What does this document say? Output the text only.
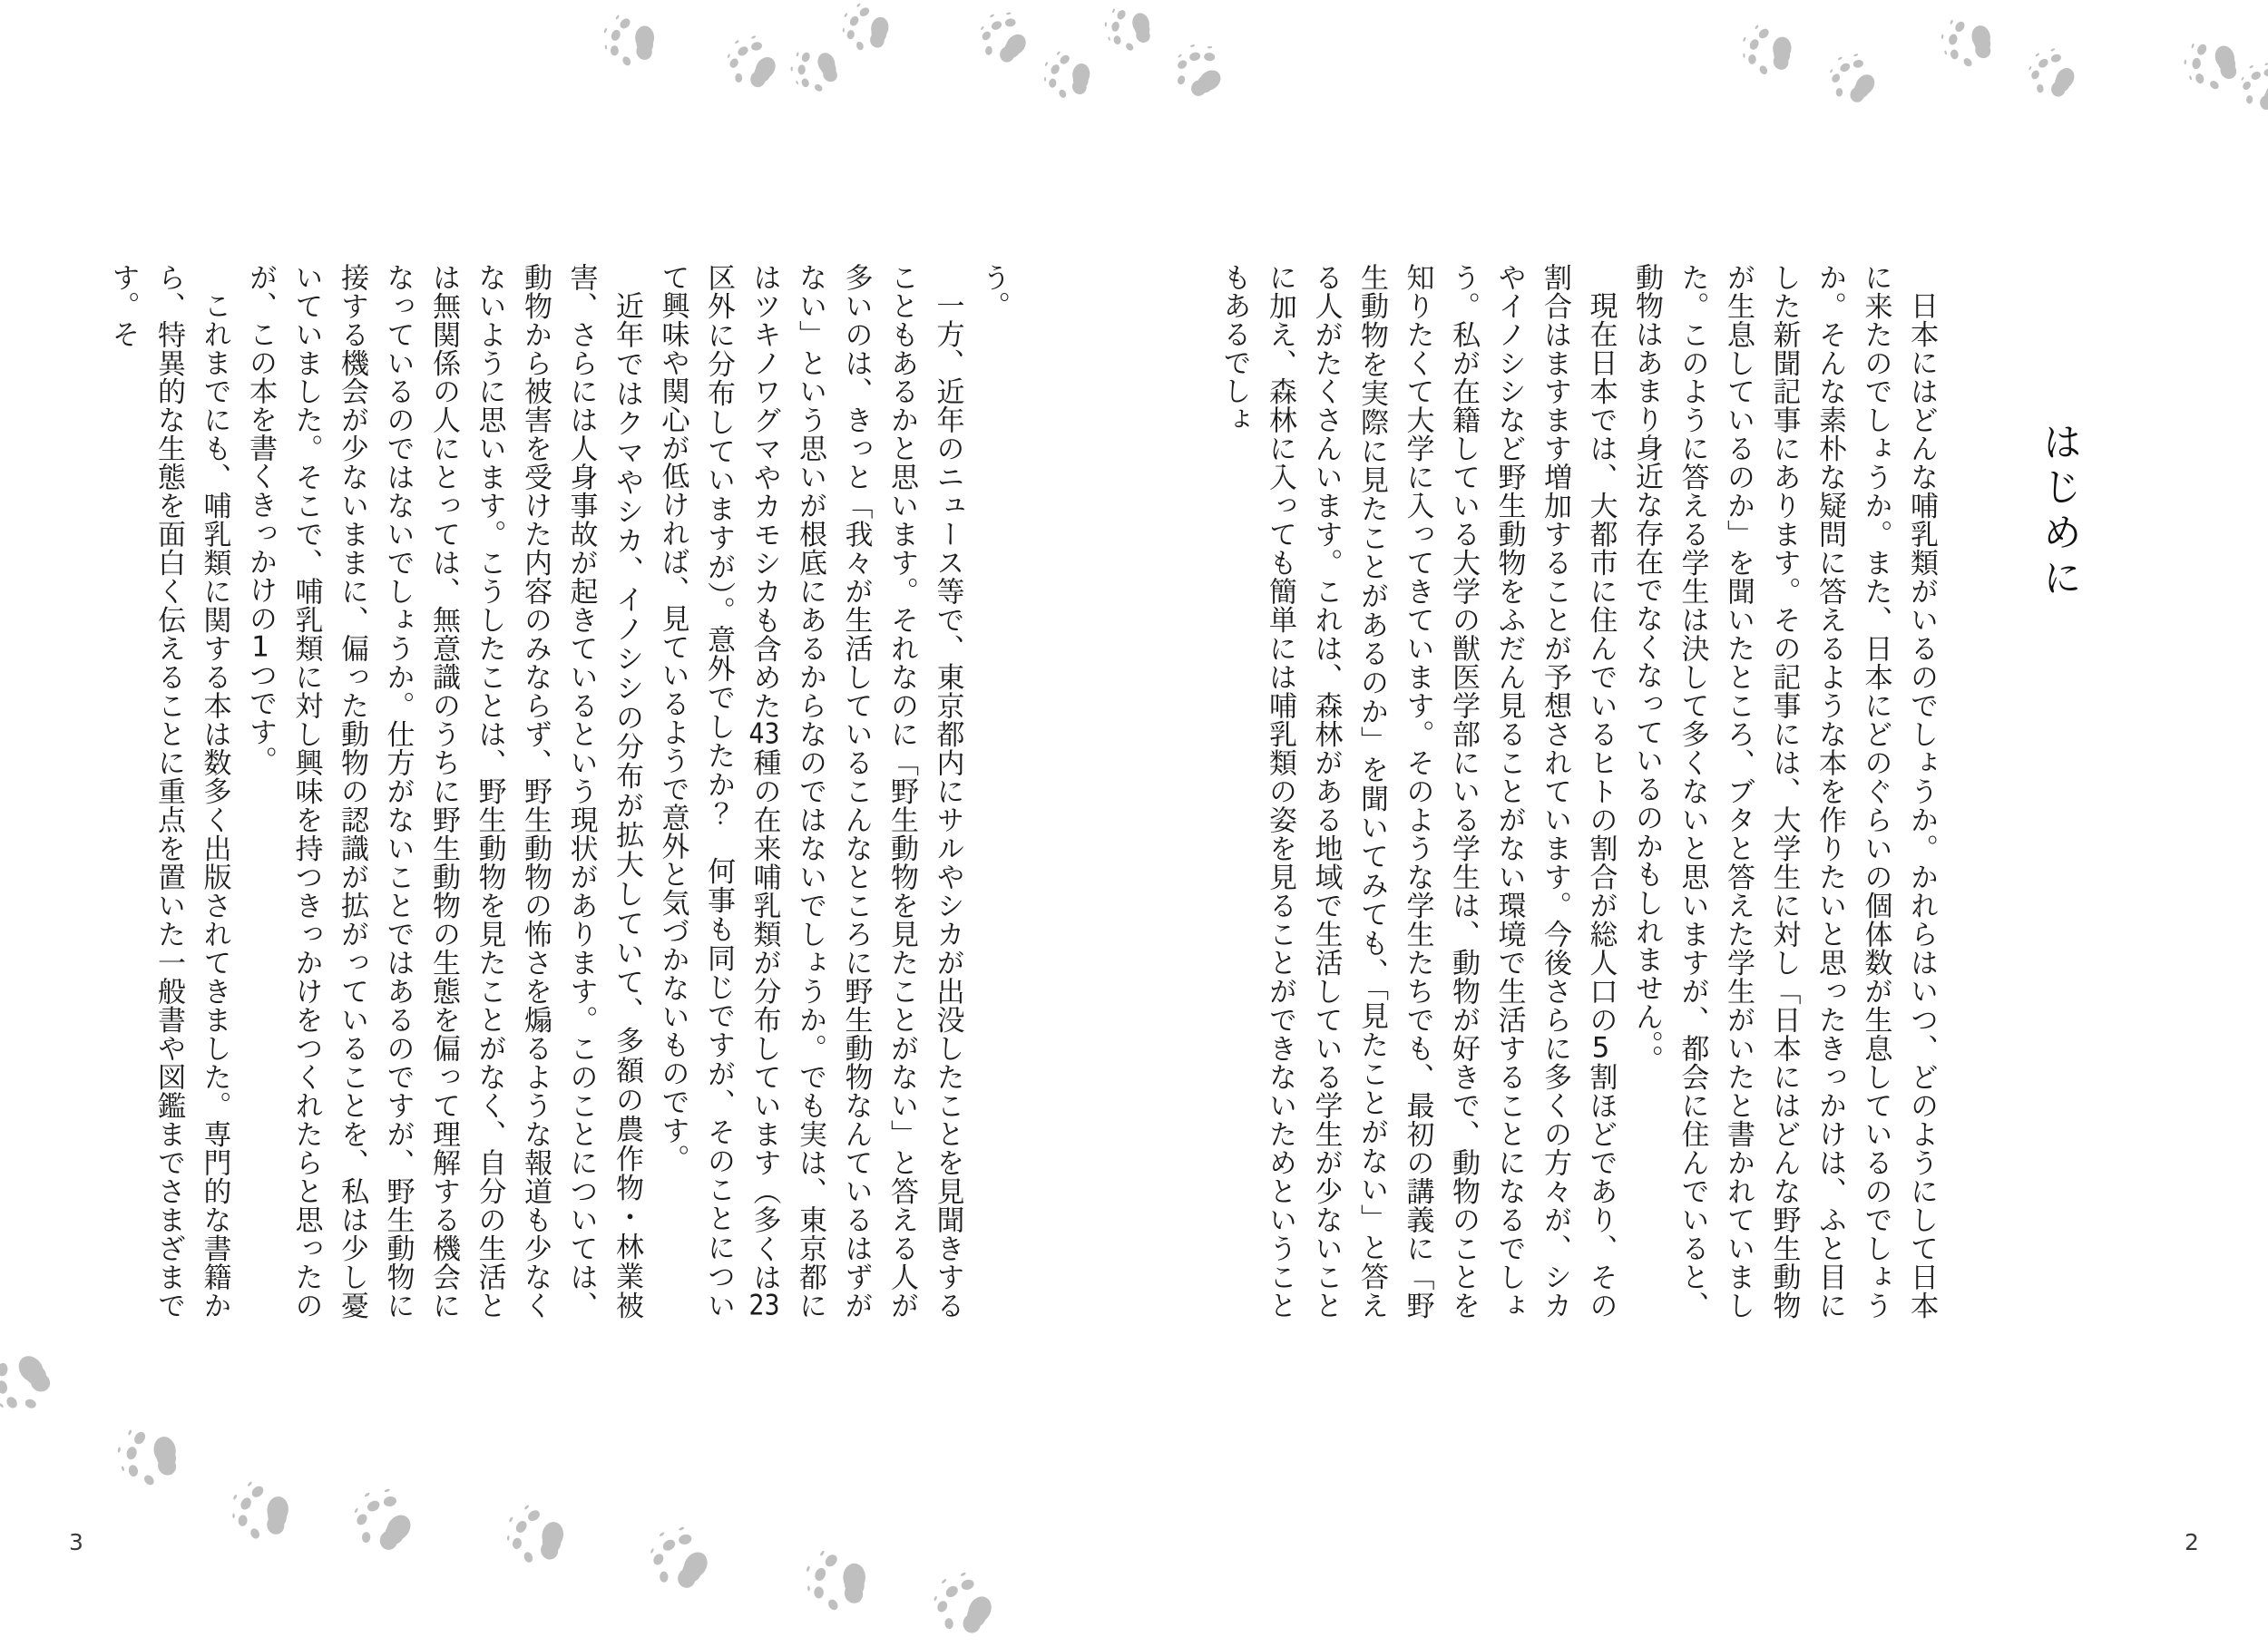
はじめに

日本にはどんな哺乳類がいるのでしょうか。かれらはいつ、どのようにして日本に来たのでしょうか。また、日本にどのぐらいの個体数が生息しているのでしょうか。そんな素朴な疑問に答えるような本を作りたいと思ったきっかけは、ふと目にした新聞記事にあります。その記事には、大学生に対し「日本にはどんな野生動物が生息しているのか」を聞いたところ、ブタと答えた学生がいたと書かれていました。このように答える学生は決して多くないと思いますが、都会に住んでいると、動物はあまり身近な存在でなくなっているのかもしれません。。

現在日本では、大都市に住んでいるヒトの割合が総人口の5割ほどであり、その割合はますます増加することが予想されています。今後さらに多くの方々が、シカやイノシシなど野生動物をふだん見ることがない環境で生活することになるでしょう。私が在籍している大学の獣医学部にいる学生は、動物が好きで、動物のことを知りたくて大学に入ってきています。そのような学生たちでも、最初の講義に「野生動物を実際に見たことがあるのか」を聞いてみても、「見たことがない」と答える人がたくさんいます。これは、森林がある地域で生活している学生が少ないことに加え、森林に入っても簡単には哺乳類の姿を見ることができないためということもあるでしょ

2

う。

一方、近年のニュース等で、東京都内にサルやシカが出没したことを見聞きすることもあるかと思います。それなのに「野生動物を見たことがない」と答える人が多いのは、きっと「我々が生活しているこんなところに野生動物なんているはずがない」という思いが根底にあるからなのではないでしょうか。でも実は、東京都にはツキノワグマやカモシカも含めた43種の在来哺乳類が分布しています（多くは23区外に分布していますが）。意外でしたか？　何事も同じですが、そのことについて興味や関心が低ければ、見ているようで意外と気づかないものです。

近年ではクマやシカ、イノシシの分布が拡大していて、多額の農作物・林業被害、さらには人身事故が起きているという現状があります。このことについては、動物から被害を受けた内容のみならず、野生動物の怖さを煽るような報道も少なくないように思います。こうしたことは、野生動物を見たことがなく、自分の生活とは無関係の人にとっては、無意識のうちに野生動物の生態を偏って理解する機会になっているのではないでしょうか。仕方がないことではあるのですが、野生動物に接する機会が少ないままに、偏った動物の認識が拡がっていることを、私は少し憂いていました。そこで、哺乳類に対し興味を持つきっかけをつくれたらと思ったのが、この本を書くきっかけの1つです。

これまでにも、哺乳類に関する本は数多く出版されてきました。専門的な書籍から、特異的な生態を面白く伝えることに重点を置いた一般書や図鑑までさまざまです。そ

3
